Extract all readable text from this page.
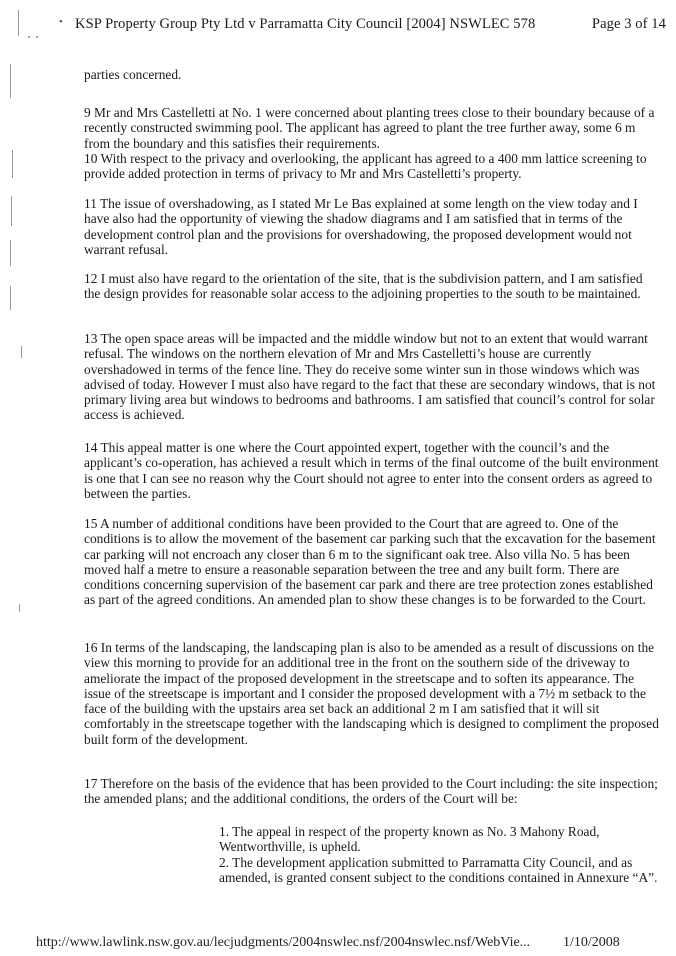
• KSP Property Group Pty Ltd v Parramatta City Council [2004] NSWLEC 578	Page 3 of 14

parties concerned.

9 Mr and Mrs Castelletti at No. 1 were concerned about planting trees close to their boundary because of a recently constructed swimming pool. The applicant has agreed to plant the tree further away, some 6 m from the boundary and this satisfies their requirements.

10 With respect to the privacy and overlooking, the applicant has agreed to a 400 mm lattice screening to provide added protection in terms of privacy to Mr and Mrs Castelletti’s property.

11 The issue of overshadowing, as I stated Mr Le Bas explained at some length on the view today and I have also had the opportunity of viewing the shadow diagrams and I am satisfied that in terms of the development control plan and the provisions for overshadowing, the proposed development would not warrant refusal.

12 I must also have regard to the orientation of the site, that is the subdivision pattern, and I am satisfied the design provides for reasonable solar access to the adjoining properties to the south to be maintained.

13 The open space areas will be impacted and the middle window but not to an extent that would warrant refusal. The windows on the northern elevation of Mr and Mrs Castelletti’s house are currently overshadowed in terms of the fence line. They do receive some winter sun in those windows which was advised of today. However I must also have regard to the fact that these are secondary windows, that is not primary living area but windows to bedrooms and bathrooms. I am satisfied that council’s control for solar access is achieved.

14 This appeal matter is one where the Court appointed expert, together with the council’s and the applicant’s co-operation, has achieved a result which in terms of the final outcome of the built environment is one that I can see no reason why the Court should not agree to enter into the consent orders as agreed to between the parties.

15 A number of additional conditions have been provided to the Court that are agreed to. One of the conditions is to allow the movement of the basement car parking such that the excavation for the basement car parking will not encroach any closer than 6 m to the significant oak tree. Also villa No. 5 has been moved half a metre to ensure a reasonable separation between the tree and any built form. There are conditions concerning supervision of the basement car park and there are tree protection zones established as part of the agreed conditions. An amended plan to show these changes is to be forwarded to the Court.

16 In terms of the landscaping, the landscaping plan is also to be amended as a result of discussions on the view this morning to provide for an additional tree in the front on the southern side of the driveway to ameliorate the impact of the proposed development in the streetscape and to soften its appearance. The issue of the streetscape is important and I consider the proposed development with a 7½ m setback to the face of the building with the upstairs area set back an additional 2 m I am satisfied that it will sit comfortably in the streetscape together with the landscaping which is designed to compliment the proposed built form of the development.

17 Therefore on the basis of the evidence that has been provided to the Court including: the site inspection; the amended plans; and the additional conditions, the orders of the Court will be:

1. The appeal in respect of the property known as No. 3 Mahony Road, Wentworthville, is upheld.

2. The development application submitted to Parramatta City Council, and as amended, is granted consent subject to the conditions contained in Annexure “A”.

http://www.lawlink.nsw.gov.au/lecjudgments/2004nswlec.nsf/2004nswlec.nsf/WebVie... 1/10/2008
